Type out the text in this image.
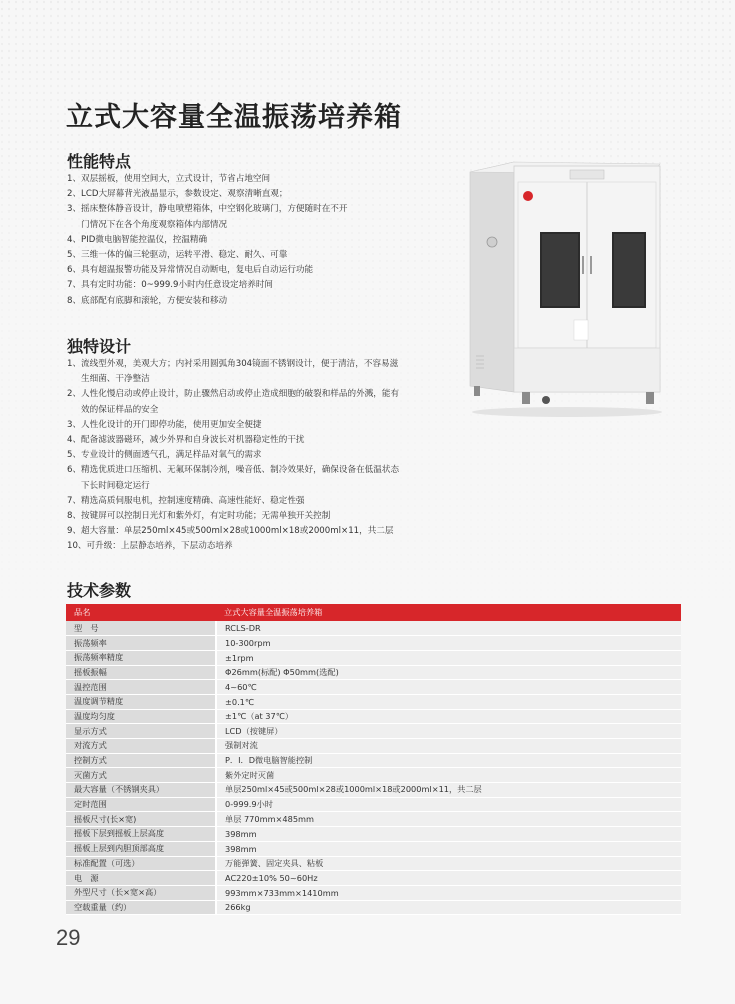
立式大容量全温振荡培养箱
性能特点
1、双层摇板，使用空间大，立式设计，节省占地空间
2、LCD大屏幕背光液晶显示，参数设定、观察清晰直观；
3、摇床整体静音设计，静电喷塑箱体，中空钢化玻璃门，方便随时在不开
门情况下在各个角度观察箱体内部情况
4、PID微电脑智能控温仪，控温精确
5、三维一体的偏三轮驱动，运转平滑、稳定、耐久、可靠
6、具有超温报警功能及异常情况自动断电，复电后自动运行功能
7、具有定时功能：0~999.9小时内任意设定培养时间
8、底部配有底脚和滚轮，方便安装和移动
独特设计
1、流线型外观，美观大方；内衬采用圆弧角304镜面不锈钢设计，便于清洁，不容易滋
生细菌、干净整洁
2、人性化慢启动或停止设计，防止骤然启动或停止造成细胞的破裂和样品的外溅，能有
效的保证样品的安全
3、人性化设计的开门即停功能，使用更加安全便捷
4、配备滤波器磁环，减少外界和自身波长对机器稳定性的干扰
5、专业设计的侧面透气孔，满足样品对氧气的需求
6、精选优质进口压缩机、无氟环保制冷剂，噪音低、制冷效果好，确保设备在低温状态
下长时间稳定运行
7、精选高质伺服电机，控制速度精确、高速性能好、稳定性强
8、按键屏可以控制日光灯和紫外灯，有定时功能；无需单独开关控制
9、超大容量：单层250ml×45或500ml×28或1000ml×18或2000ml×11，共二层
10、可升级：上层静态培养，下层动态培养
技术参数
品名	立式大容量全温振荡培养箱
型　号	RCLS-DR
振荡频率	10-300rpm
振荡频率精度	±1rpm
摇板振幅	Φ26mm(标配) Φ50mm(选配)
温控范围	4~60℃
温度调节精度	±0.1℃
温度均匀度	±1℃（at 37℃）
显示方式	LCD（按键屏）
对流方式	强制对流
控制方式	P．I．D微电脑智能控制
灭菌方式	紫外定时灭菌
最大容量（不锈钢夹具）	单层250ml×45或500ml×28或1000ml×18或2000ml×11，共二层
定时范围	0-999.9小时
摇板尺寸(长×宽)	单层 770mm×485mm
摇板下层到摇板上层高度	398mm
摇板上层到内胆顶部高度	398mm
标准配置（可选）	万能弹簧、固定夹具、粘板
电　源	AC220±10% 50~60Hz
外型尺寸（长×宽×高）	993mm×733mm×1410mm
空载重量（约）	266kg
29
